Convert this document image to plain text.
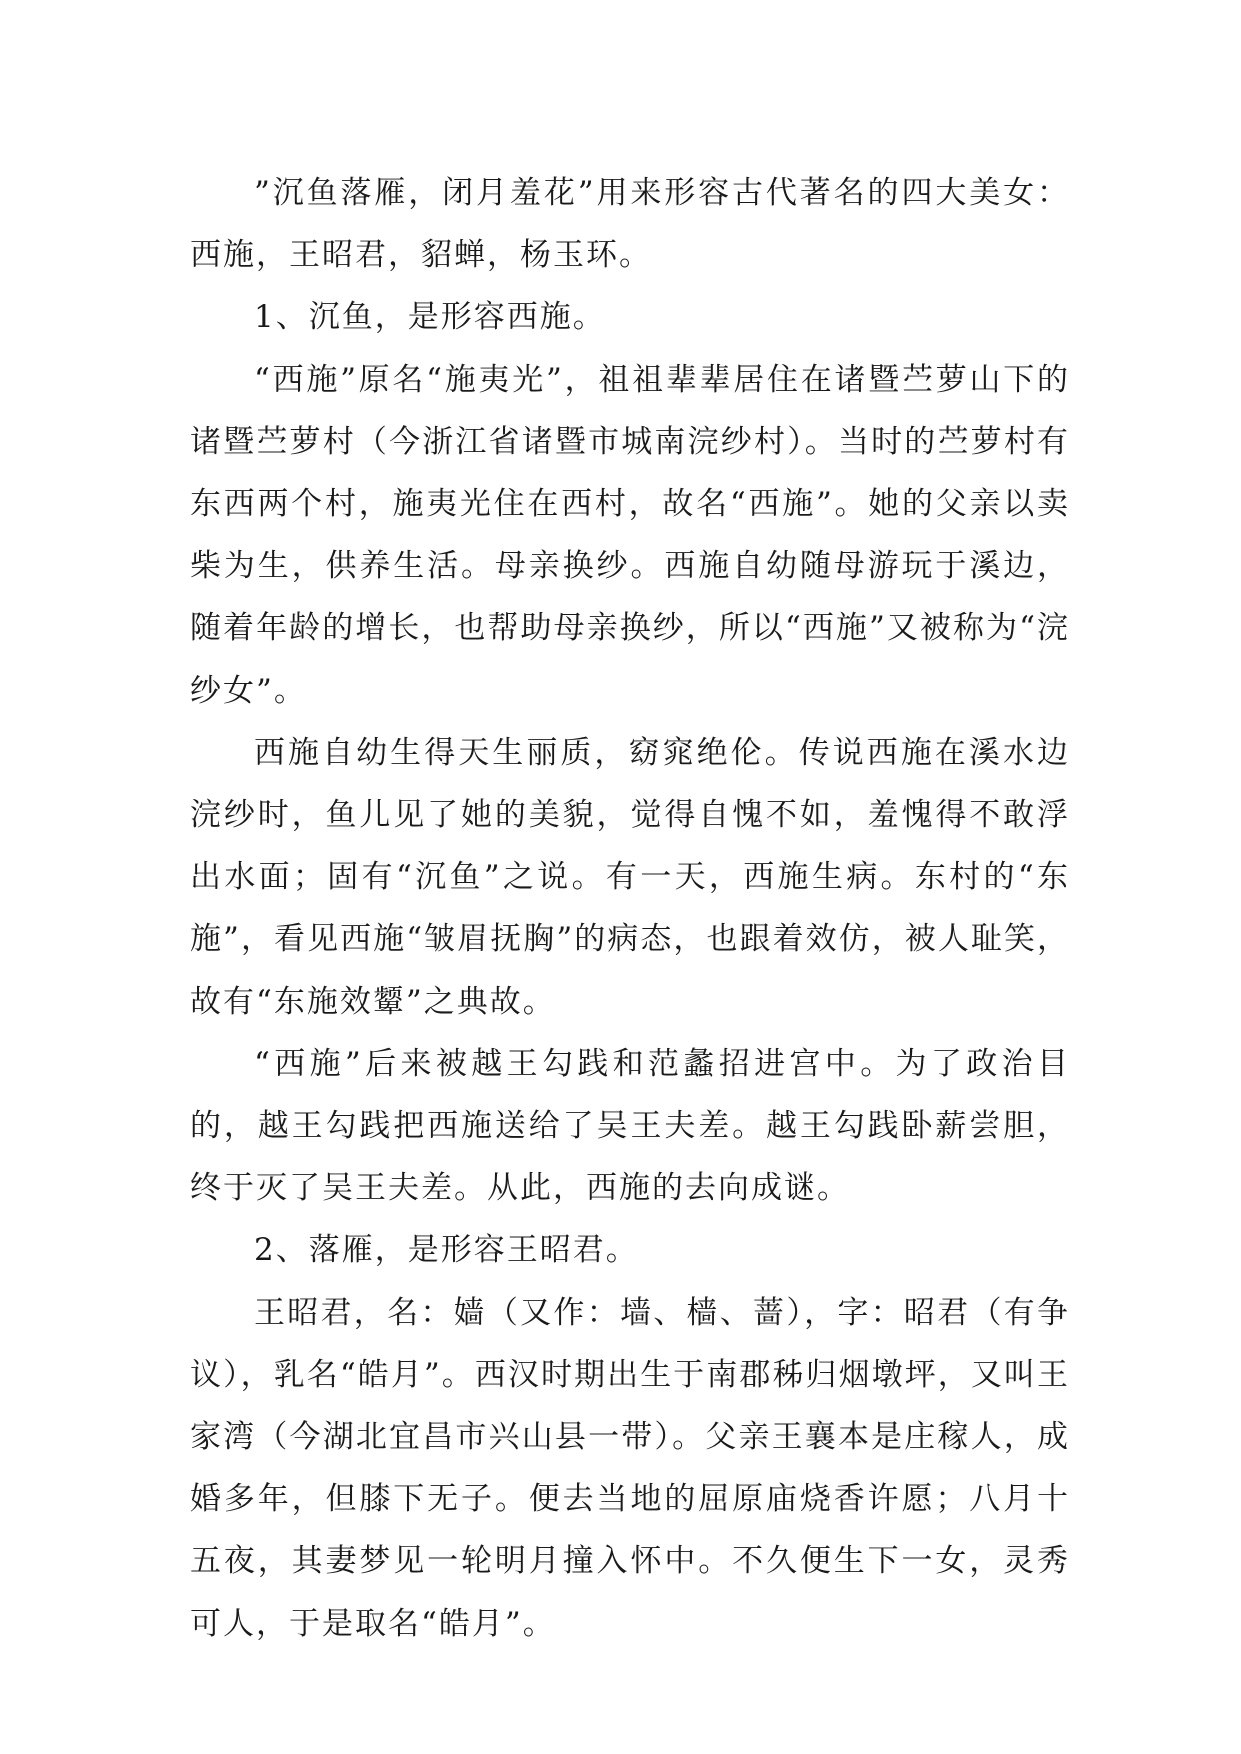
”沉鱼落雁，闭月羞花”用来形容古代著名的四大美女：西施，王昭君，貂蝉，杨玉环。

1、沉鱼，是形容西施。

“西施”原名“施夷光”，祖祖辈辈居住在诸暨苎萝山下的诸暨苎萝村（今浙江省诸暨市城南浣纱村）。当时的苎萝村有东西两个村，施夷光住在西村，故名“西施”。她的父亲以卖柴为生，供养生活。母亲换纱。西施自幼随母游玩于溪边，随着年龄的增长，也帮助母亲换纱，所以“西施”又被称为“浣纱女”。

西施自幼生得天生丽质，窈窕绝伦。传说西施在溪水边浣纱时，鱼儿见了她的美貌，觉得自愧不如，羞愧得不敢浮出水面；固有“沉鱼”之说。有一天，西施生病。东村的“东施”，看见西施“皱眉抚胸”的病态，也跟着效仿，被人耻笑，故有“东施效颦”之典故。

“西施”后来被越王勾践和范蠡招进宫中。为了政治目的，越王勾践把西施送给了吴王夫差。越王勾践卧薪尝胆，终于灭了吴王夫差。从此，西施的去向成谜。

2、落雁，是形容王昭君。

王昭君，名：嫱（又作：墙、樯、蔷），字：昭君（有争议），乳名“皓月”。西汉时期出生于南郡秭归烟墩坪，又叫王家湾（今湖北宜昌市兴山县一带）。父亲王襄本是庄稼人，成婚多年，但膝下无子。便去当地的屈原庙烧香许愿；八月十五夜，其妻梦见一轮明月撞入怀中。不久便生下一女，灵秀可人，于是取名“皓月”。
